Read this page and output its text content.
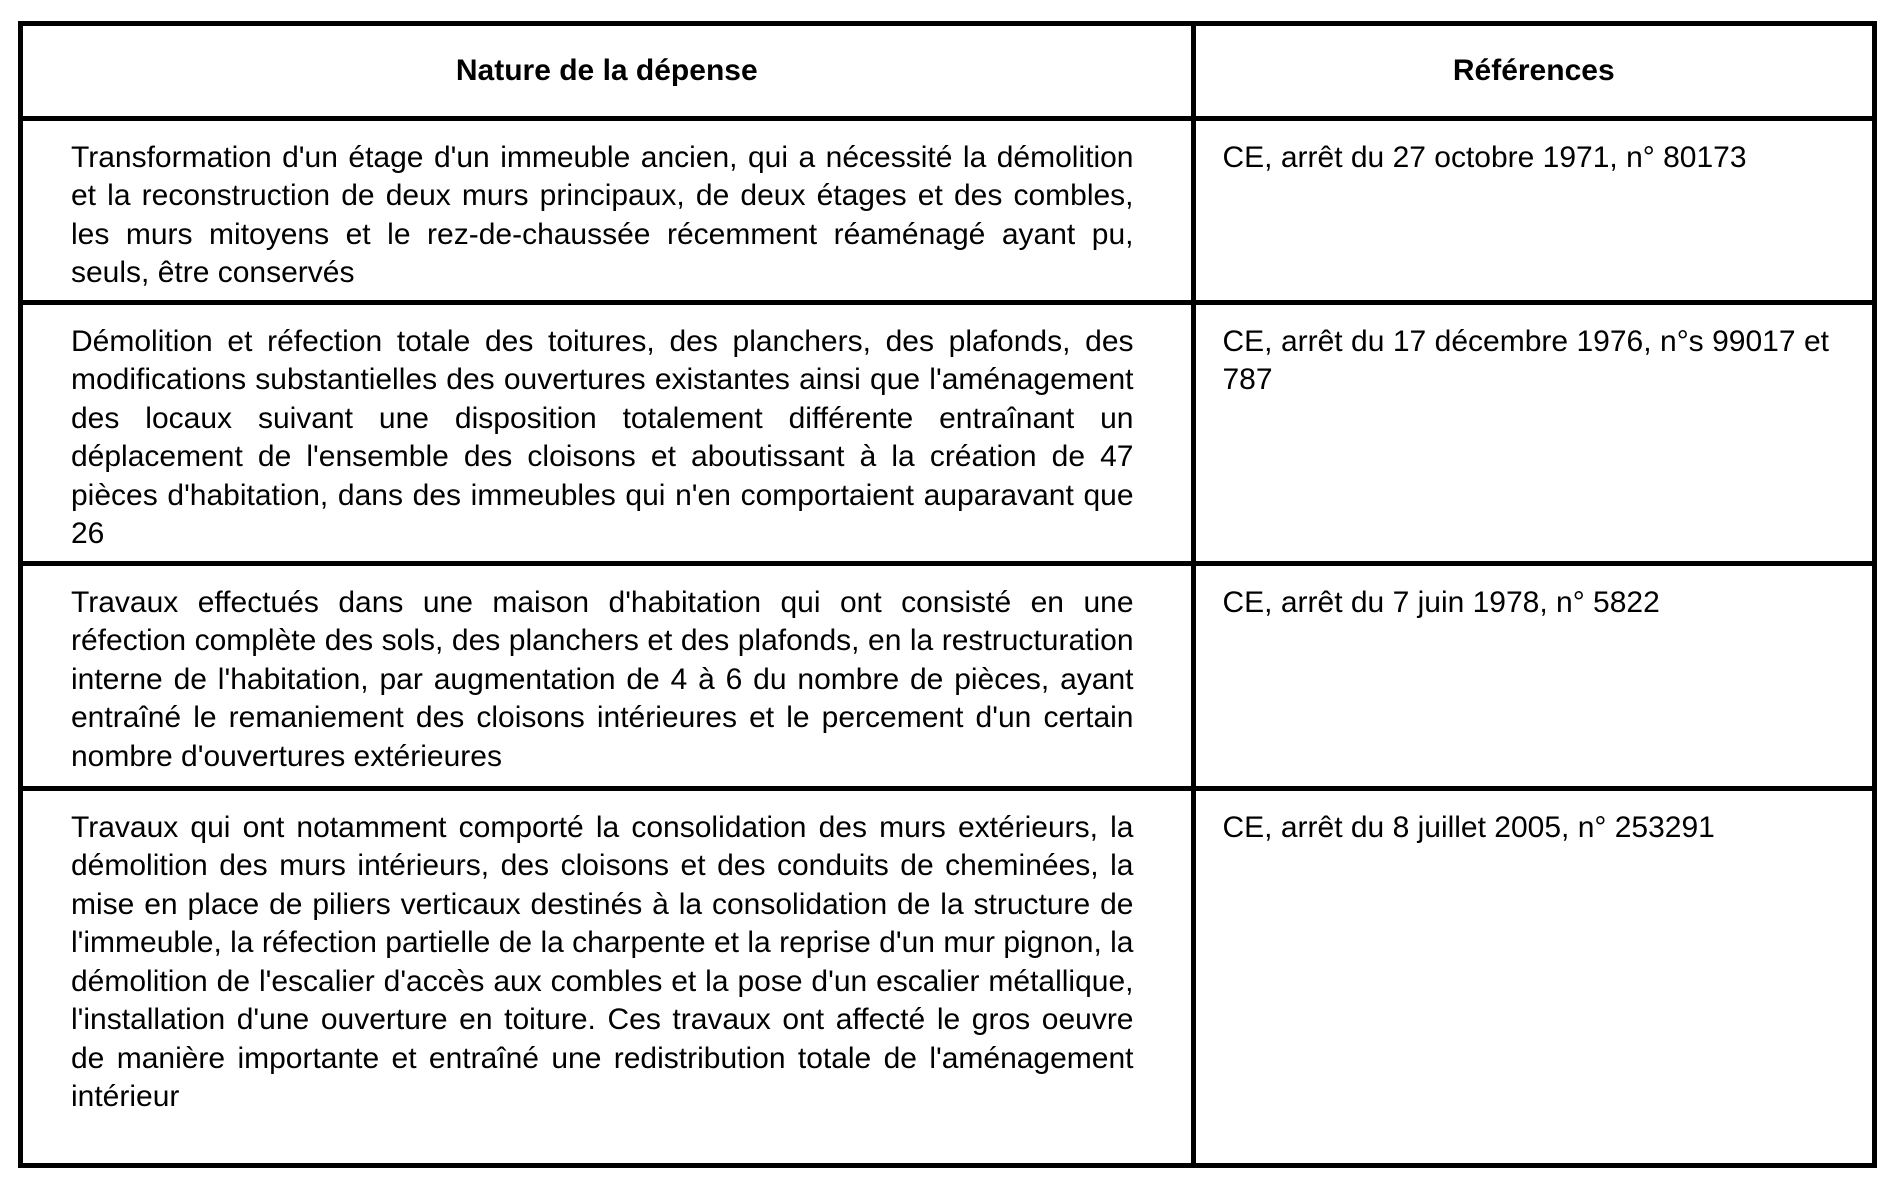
Nature de la dépense	Références
Transformation d'un étage d'un immeuble ancien, qui a nécessité la démolition et la reconstruction de deux murs principaux, de deux étages et des combles, les murs mitoyens et le rez-de-chaussée récemment réaménagé ayant pu, seuls, être conservés	CE, arrêt du 27 octobre 1971, n° 80173
Démolition et réfection totale des toitures, des planchers, des plafonds, des modifications substantielles des ouvertures existantes ainsi que l'aménagement des locaux suivant une disposition totalement différente entraînant un déplacement de l'ensemble des cloisons et aboutissant à la création de 47 pièces d'habitation, dans des immeubles qui n'en comportaient auparavant que 26	CE, arrêt du 17 décembre 1976, n°s 99017 et 787
Travaux effectués dans une maison d'habitation qui ont consisté en une réfection complète des sols, des planchers et des plafonds, en la restructuration interne de l'habitation, par augmentation de 4 à 6 du nombre de pièces, ayant entraîné le remaniement des cloisons intérieures et le percement d'un certain nombre d'ouvertures extérieures	CE, arrêt du 7 juin 1978, n° 5822
Travaux qui ont notamment comporté la consolidation des murs extérieurs, la démolition des murs intérieurs, des cloisons et des conduits de cheminées, la mise en place de piliers verticaux destinés à la consolidation de la structure de l'immeuble, la réfection partielle de la charpente et la reprise d'un mur pignon, la démolition de l'escalier d'accès aux combles et la pose d'un escalier métallique, l'installation d'une ouverture en toiture. Ces travaux ont affecté le gros oeuvre de manière importante et entraîné une redistribution totale de l'aménagement intérieur	CE, arrêt du 8 juillet 2005, n° 253291
